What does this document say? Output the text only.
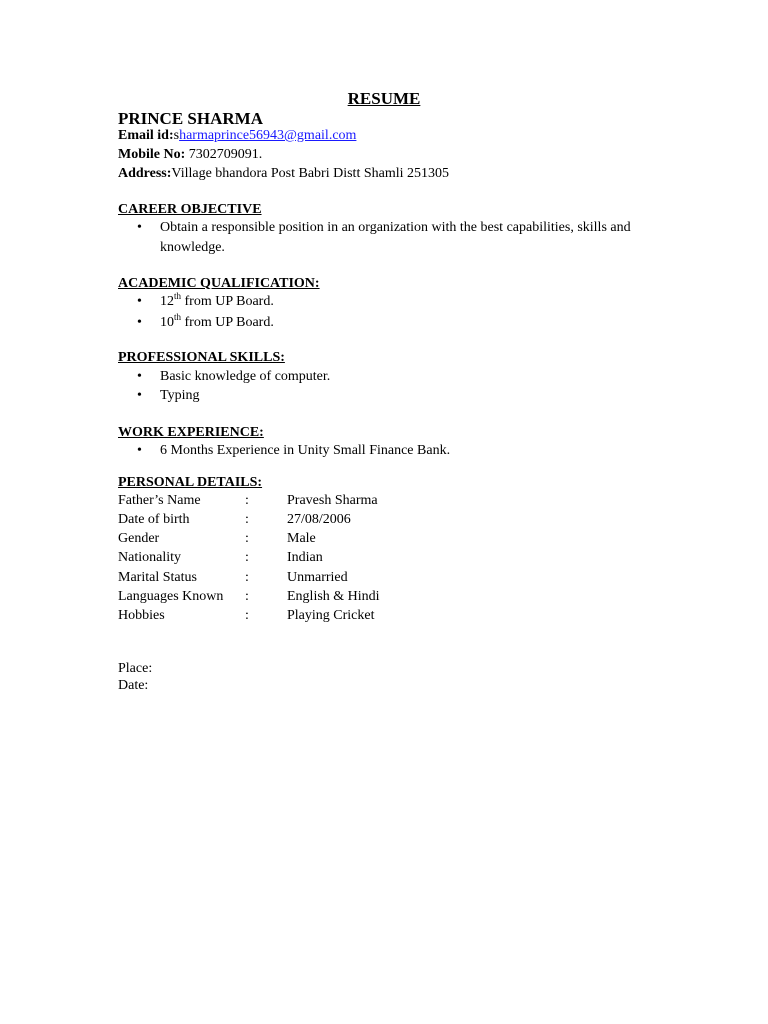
RESUME
PRINCE SHARMA
Email id:sharmaprince56943@gmail.com
Mobile No: 7302709091.
Address:Village bhandora Post Babri Distt Shamli 251305
CAREER OBJECTIVE
• Obtain a responsible position in an organization with the best capabilities, skills and knowledge.
ACADEMIC QUALIFICATION:
• 12th from UP Board.
• 10th from UP Board.
PROFESSIONAL SKILLS:
• Basic knowledge of computer.
• Typing
WORK EXPERIENCE:
• 6 Months Experience in Unity Small Finance Bank.
PERSONAL DETAILS:
Father’s Name	:	Pravesh Sharma
Date of birth	:	27/08/2006
Gender	:	Male
Nationality	:	Indian
Marital Status	:	Unmarried
Languages Known :	English & Hindi
Hobbies	:	Playing Cricket
Place:
Date:
